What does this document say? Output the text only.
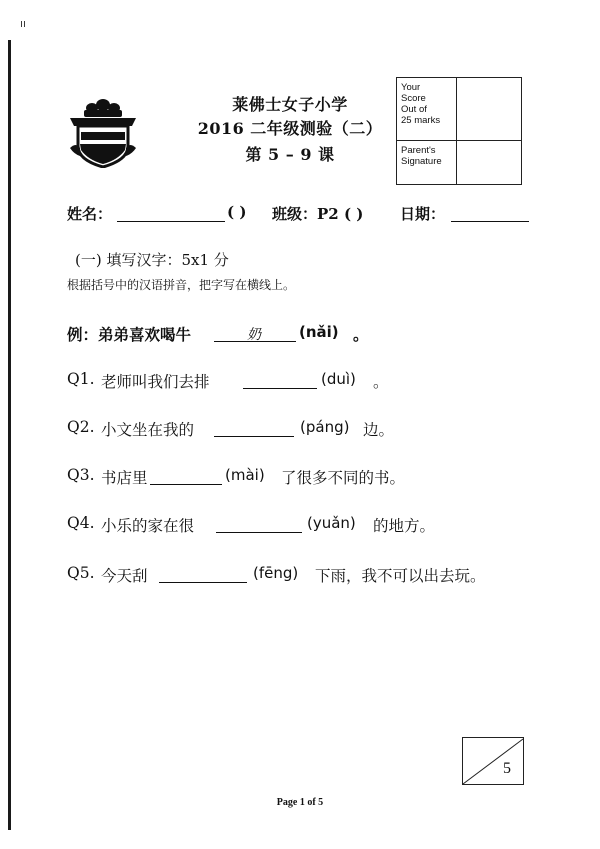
ıı
莱佛士女子小学
2016 二年级测验（二）
第 5 – 9 课
Your
Score
Out of
25 marks
Parent's
Signature
姓名：	( ) 班级：P2 ( ) 日期：
(一) 填写汉字：5x1 分
根据括号中的汉语拼音，把字写在横线上。
例：弟弟喜欢喝牛	奶	(nǎi) 。
Q1. 老师叫我们去排	(duì) 。
Q2. 小文坐在我的	(páng) 边。
Q3. 书店里	(mài) 了很多不同的书。
Q4. 小乐的家在很	(yuǎn) 的地方。
Q5. 今天刮	(fēng) 下雨，我不可以出去玩。
5
Page 1 of 5
